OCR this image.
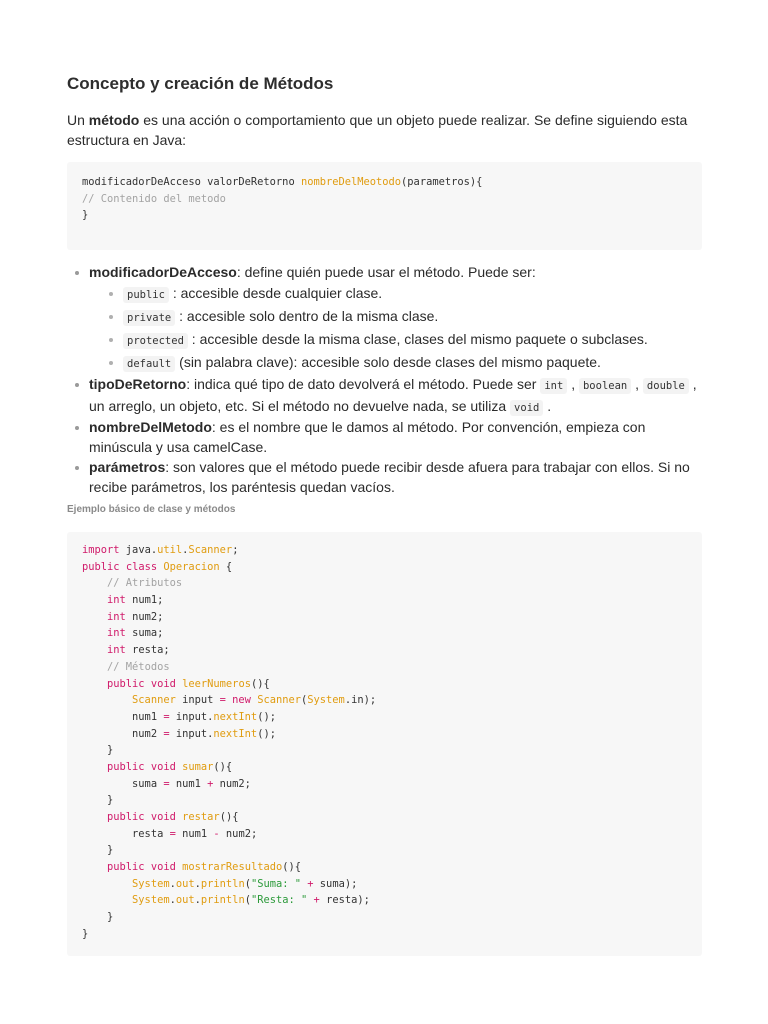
Concepto y creación de Métodos

Un método es una acción o comportamiento que un objeto puede realizar. Se define siguiendo esta estructura en Java:

modificadorDeAcceso valorDeRetorno nombreDelMeotodo(parametros){
// Contenido del metodo
}
modificadorDeAcceso: define quién puede usar el método. Puede ser:
public : accesible desde cualquier clase.
private : accesible solo dentro de la misma clase.
protected : accesible desde la misma clase, clases del mismo paquete o subclases.
default (sin palabra clave): accesible solo desde clases del mismo paquete.
tipoDeRetorno: indica qué tipo de dato devolverá el método. Puede ser int , boolean , double , un arreglo, un objeto, etc. Si el método no devuelve nada, se utiliza void .
nombreDelMetodo: es el nombre que le damos al método. Por convención, empieza con minúscula y usa camelCase.
parámetros: son valores que el método puede recibir desde afuera para trabajar con ellos. Si no recibe parámetros, los paréntesis quedan vacíos.
Ejemplo básico de clase y métodos
import java.util.Scanner;
public class Operacion {
// Atributos
int num1;
int num2;
int suma;
int resta;
// Métodos
public void leerNumeros(){
Scanner input = new Scanner(System.in);
num1 = input.nextInt();
num2 = input.nextInt();
}
public void sumar(){
suma = num1 + num2;
}
public void restar(){
resta = num1 - num2;
}
public void mostrarResultado(){
System.out.println("Suma: " + suma);
System.out.println("Resta: " + resta);
}
}
